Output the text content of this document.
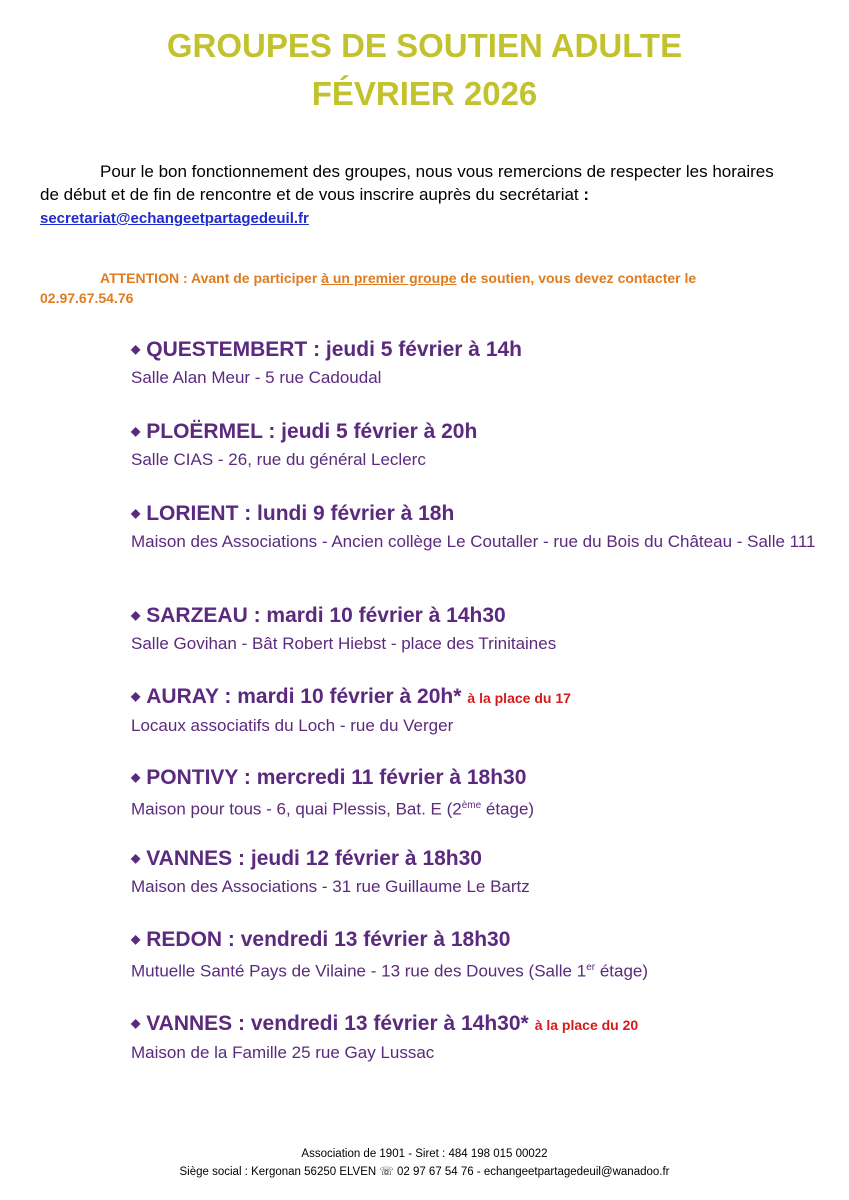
GROUPES DE SOUTIEN ADULTE
FÉVRIER 2026
Pour le bon fonctionnement des groupes, nous vous remercions de respecter les horaires de début et de fin de rencontre et de vous inscrire auprès du secrétariat : secretariat@echangeetpartagedeuil.fr
ATTENTION : Avant de participer à un premier groupe de soutien, vous devez contacter le 02.97.67.54.76
◆ QUESTEMBERT : jeudi 5 février à 14h
Salle Alan Meur - 5 rue Cadoudal
◆ PLOËRMEL : jeudi 5 février à 20h
Salle CIAS - 26, rue du général Leclerc
◆ LORIENT : lundi 9 février à 18h
Maison des Associations - Ancien collège Le Coutaller - rue du Bois du Château - Salle 111
◆ SARZEAU : mardi 10 février à 14h30
Salle Govihan - Bât Robert Hiebst - place des Trinitaines
◆ AURAY : mardi 10 février à 20h* à la place du 17
Locaux associatifs du Loch - rue du Verger
◆ PONTIVY : mercredi 11 février à 18h30
Maison pour tous - 6, quai Plessis, Bat. E (2ème étage)
◆ VANNES : jeudi 12 février à 18h30
Maison des Associations - 31 rue Guillaume Le Bartz
◆ REDON : vendredi 13 février à 18h30
Mutuelle Santé Pays de Vilaine - 13 rue des Douves (Salle 1er étage)
◆ VANNES : vendredi 13 février à 14h30* à la place du 20
Maison de la Famille 25 rue Gay Lussac
Association de 1901 - Siret : 484 198 015 00022
Siège social : Kergonan 56250 ELVEN ☏ 02 97 67 54 76 - echangeetpartagedeuil@wanadoo.fr
